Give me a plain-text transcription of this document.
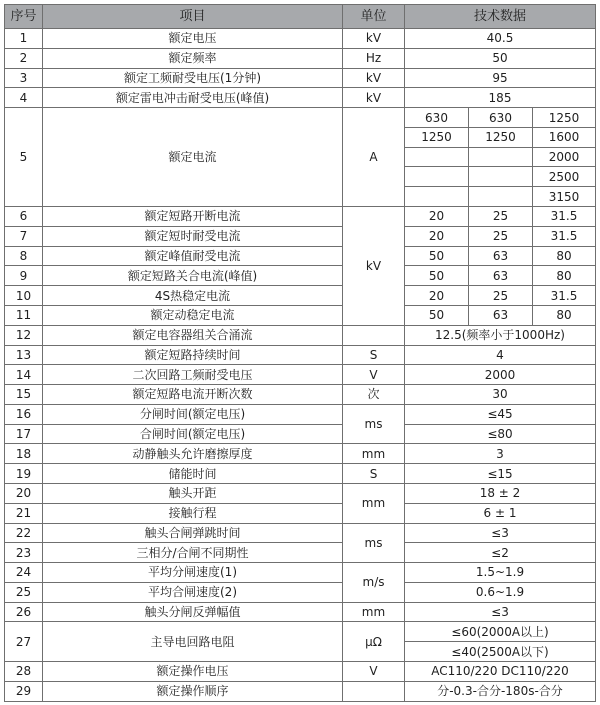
序号	项目	单位	技术数据		
1	额定电压	kV	40.5		
2	额定频率	Hz	50		
3	额定工频耐受电压(1分钟)	kV	95		
4	额定雷电冲击耐受电压(峰值)	kV	185		
5	额定电流	A	630	630	1250
			1250	1250	1600
					2000
					2500
					3150
6	额定短路开断电流	kV	20	25	31.5
7	额定短时耐受电流		20	25	31.5
8	额定峰值耐受电流		50	63	80
9	额定短路关合电流(峰值)		50	63	80
10	4S热稳定电流		20	25	31.5
11	额定动稳定电流		50	63	80
12	额定电容器组关合涌流		12.5(频率小于1000Hz)		
13	额定短路持续时间	S	4		
14	二次回路工频耐受电压	V	2000		
15	额定短路电流开断次数	次	30		
16	分闸时间(额定电压)	ms	≤45		
17	合闸时间(额定电压)		≤80		
18	动静触头允许磨擦厚度	mm	3		
19	储能时间	S	≤15		
20	触头开距	mm	18 ± 2		
21	接触行程		6 ± 1		
22	触头合闸弹跳时间	ms	≤3		
23	三相分/合闸不同期性		≤2		
24	平均分闸速度(1)	m/s	1.5~1.9		
25	平均合闸速度(2)		0.6~1.9		
26	触头分闸反弹幅值	mm	≤3		
27	主导电回路电阻	μΩ	≤60(2000A以上)		
			≤40(2500A以下)		
28	额定操作电压	V	AC110/220 DC110/220		
29	额定操作顺序		分-0.3-合分-180s-合分		
